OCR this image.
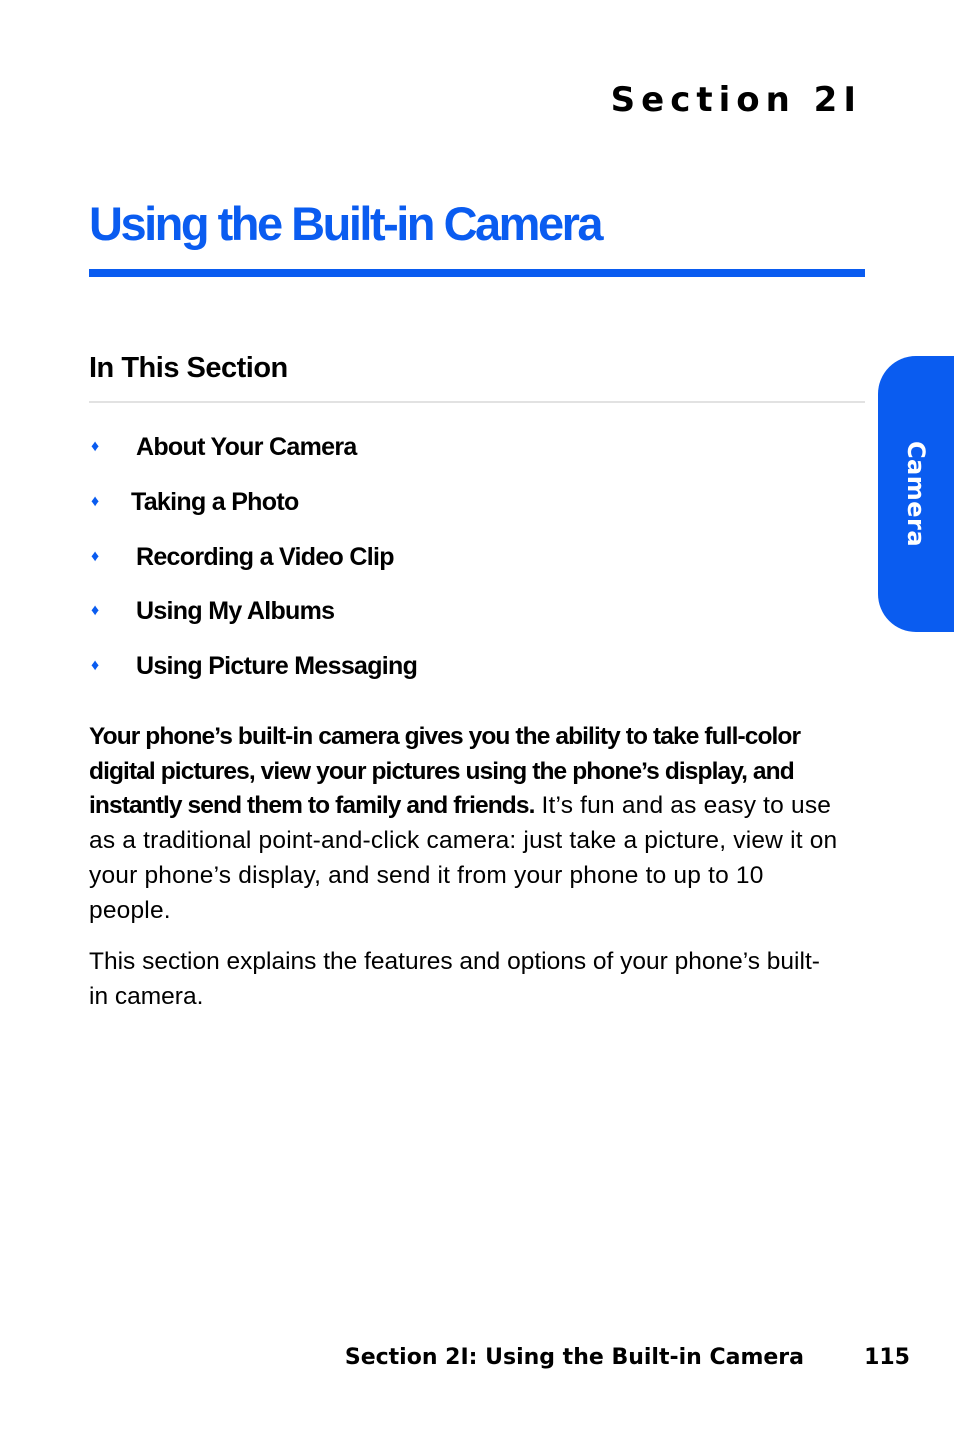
Section 2I
Using the Built-in Camera
Camera
In This Section
♦	About Your Camera
♦	Taking a Photo
♦	Recording a Video Clip
♦	Using My Albums
♦	Using Picture Messaging

Your phone’s built-in camera gives you the ability to take full-color digital pictures, view your pictures using the phone’s display, and instantly send them to family and friends. It’s fun and as easy to use as a traditional point-and-click camera: just take a picture, view it on your phone’s display, and send it from your phone to up to 10 people.

This section explains the features and options of your phone’s built-in camera.

Section 2I: Using the Built-in Camera	115
